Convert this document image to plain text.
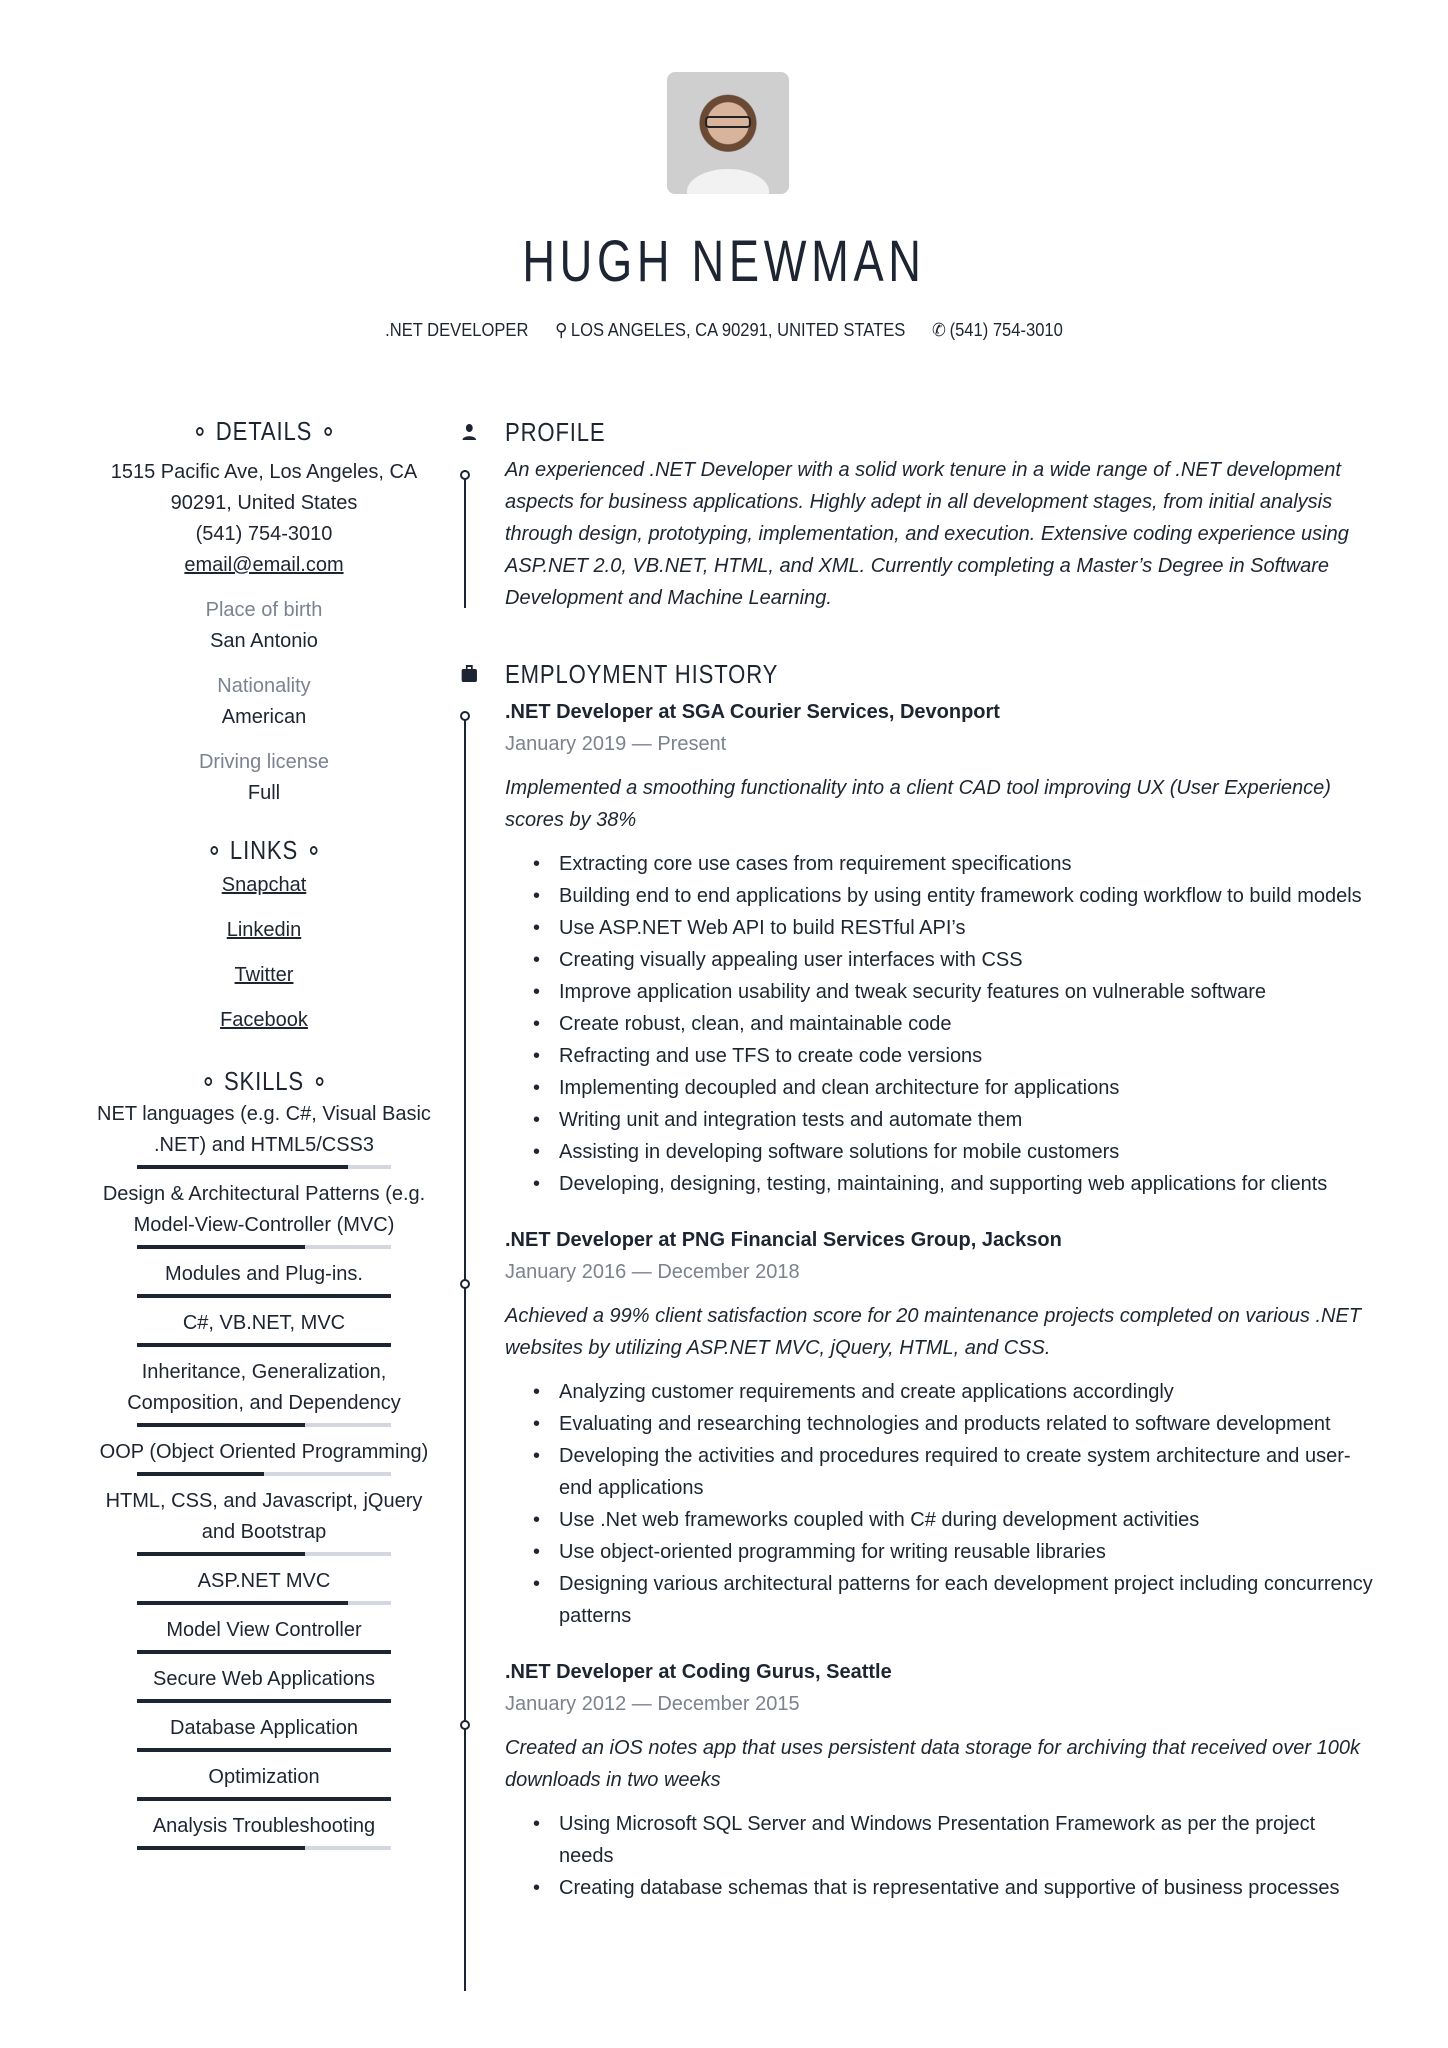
HUGH NEWMAN
.NET DEVELOPER ⚲ LOS ANGELES, CA 90291, UNITED STATES ✆ (541) 754-3010
DETAILS
1515 Pacific Ave, Los Angeles, CA
90291, United States
(541) 754-3010
email@email.com
Place of birth
San Antonio
Nationality
American
Driving license
Full
LINKS
Snapchat
Linkedin
Twitter
Facebook
SKILLS
NET languages (e.g. C#, Visual Basic .NET) and HTML5/CSS3
Design & Architectural Patterns (e.g. Model-View-Controller (MVC)
Modules and Plug-ins.
C#, VB.NET, MVC
Inheritance, Generalization, Composition, and Dependency
OOP (Object Oriented Programming)
HTML, CSS, and Javascript, jQuery and Bootstrap
ASP.NET MVC
Model View Controller
Secure Web Applications
Database Application
Optimization
Analysis Troubleshooting
PROFILE
An experienced .NET Developer with a solid work tenure in a wide range of .NET development aspects for business applications. Highly adept in all development stages, from initial analysis through design, prototyping, implementation, and execution. Extensive coding experience using ASP.NET 2.0, VB.NET, HTML, and XML. Currently completing a Master’s Degree in Software Development and Machine Learning.
EMPLOYMENT HISTORY
.NET Developer at SGA Courier Services, Devonport
January 2019 — Present
Implemented a smoothing functionality into a client CAD tool improving UX (User Experience) scores by 38%
• Extracting core use cases from requirement specifications
• Building end to end applications by using entity framework coding workflow to build models
• Use ASP.NET Web API to build RESTful API’s
• Creating visually appealing user interfaces with CSS
• Improve application usability and tweak security features on vulnerable software
• Create robust, clean, and maintainable code
• Refracting and use TFS to create code versions
• Implementing decoupled and clean architecture for applications
• Writing unit and integration tests and automate them
• Assisting in developing software solutions for mobile customers
• Developing, designing, testing, maintaining, and supporting web applications for clients
.NET Developer at PNG Financial Services Group, Jackson
January 2016 — December 2018
Achieved a 99% client satisfaction score for 20 maintenance projects completed on various .NET websites by utilizing ASP.NET MVC, jQuery, HTML, and CSS.
• Analyzing customer requirements and create applications accordingly
• Evaluating and researching technologies and products related to software development
• Developing the activities and procedures required to create system architecture and user-end applications
• Use .Net web frameworks coupled with C# during development activities
• Use object-oriented programming for writing reusable libraries
• Designing various architectural patterns for each development project including concurrency patterns
.NET Developer at Coding Gurus, Seattle
January 2012 — December 2015
Created an iOS notes app that uses persistent data storage for archiving that received over 100k downloads in two weeks
• Using Microsoft SQL Server and Windows Presentation Framework as per the project needs
• Creating database schemas that is representative and supportive of business processes
